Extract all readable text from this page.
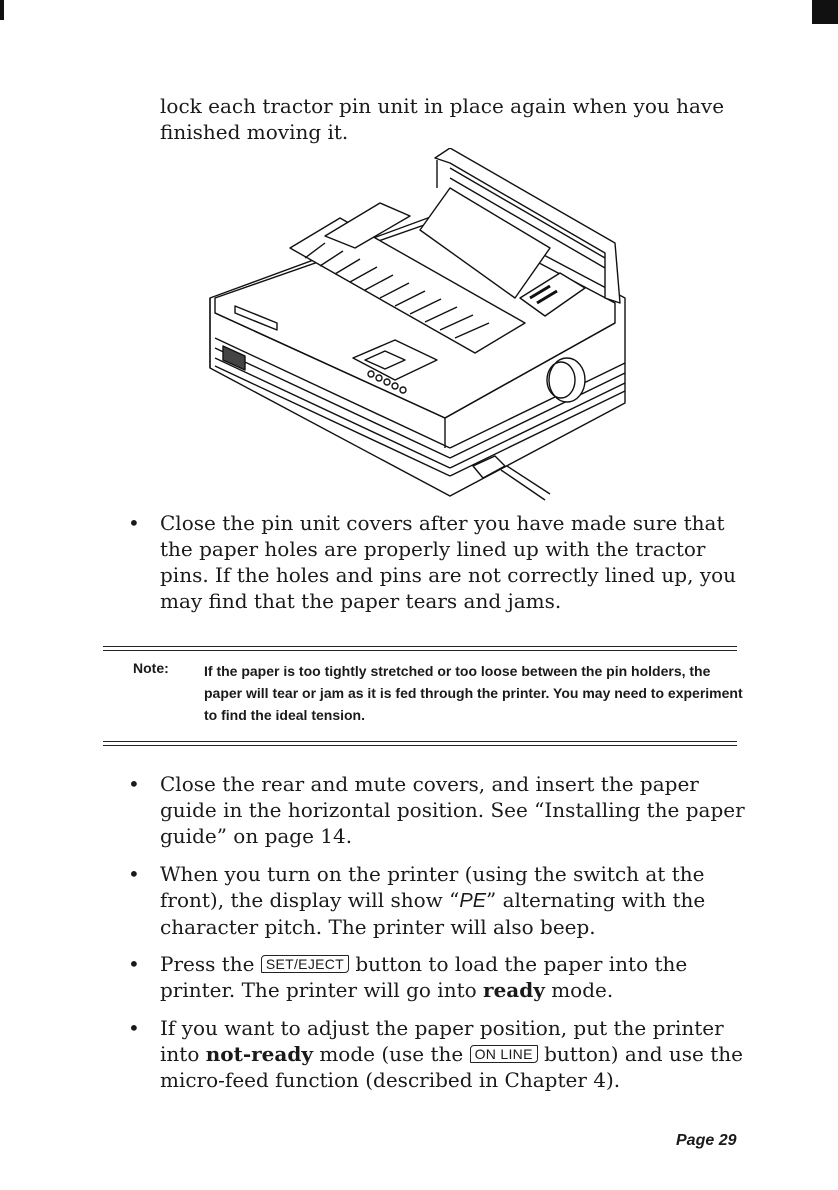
lock each tractor pin unit in place again when you have finished moving it.

• Close the pin unit covers after you have made sure that the paper holes are properly lined up with the tractor pins. If the holes and pins are not correctly lined up, you may find that the paper tears and jams.

Note:	If the paper is too tightly stretched or too loose between the pin holders, the paper will tear or jam as it is fed through the printer. You may need to experiment to find the ideal tension.

• Close the rear and mute covers, and insert the paper guide in the horizontal position. See “Installing the paper guide” on page 14.

• When you turn on the printer (using the switch at the front), the display will show “PE” alternating with the character pitch. The printer will also beep.

• Press the SET/EJECT button to load the paper into the printer. The printer will go into ready mode.

• If you want to adjust the paper position, put the printer into not-ready mode (use the ON LINE button) and use the micro-feed function (described in Chapter 4).

Page 29
